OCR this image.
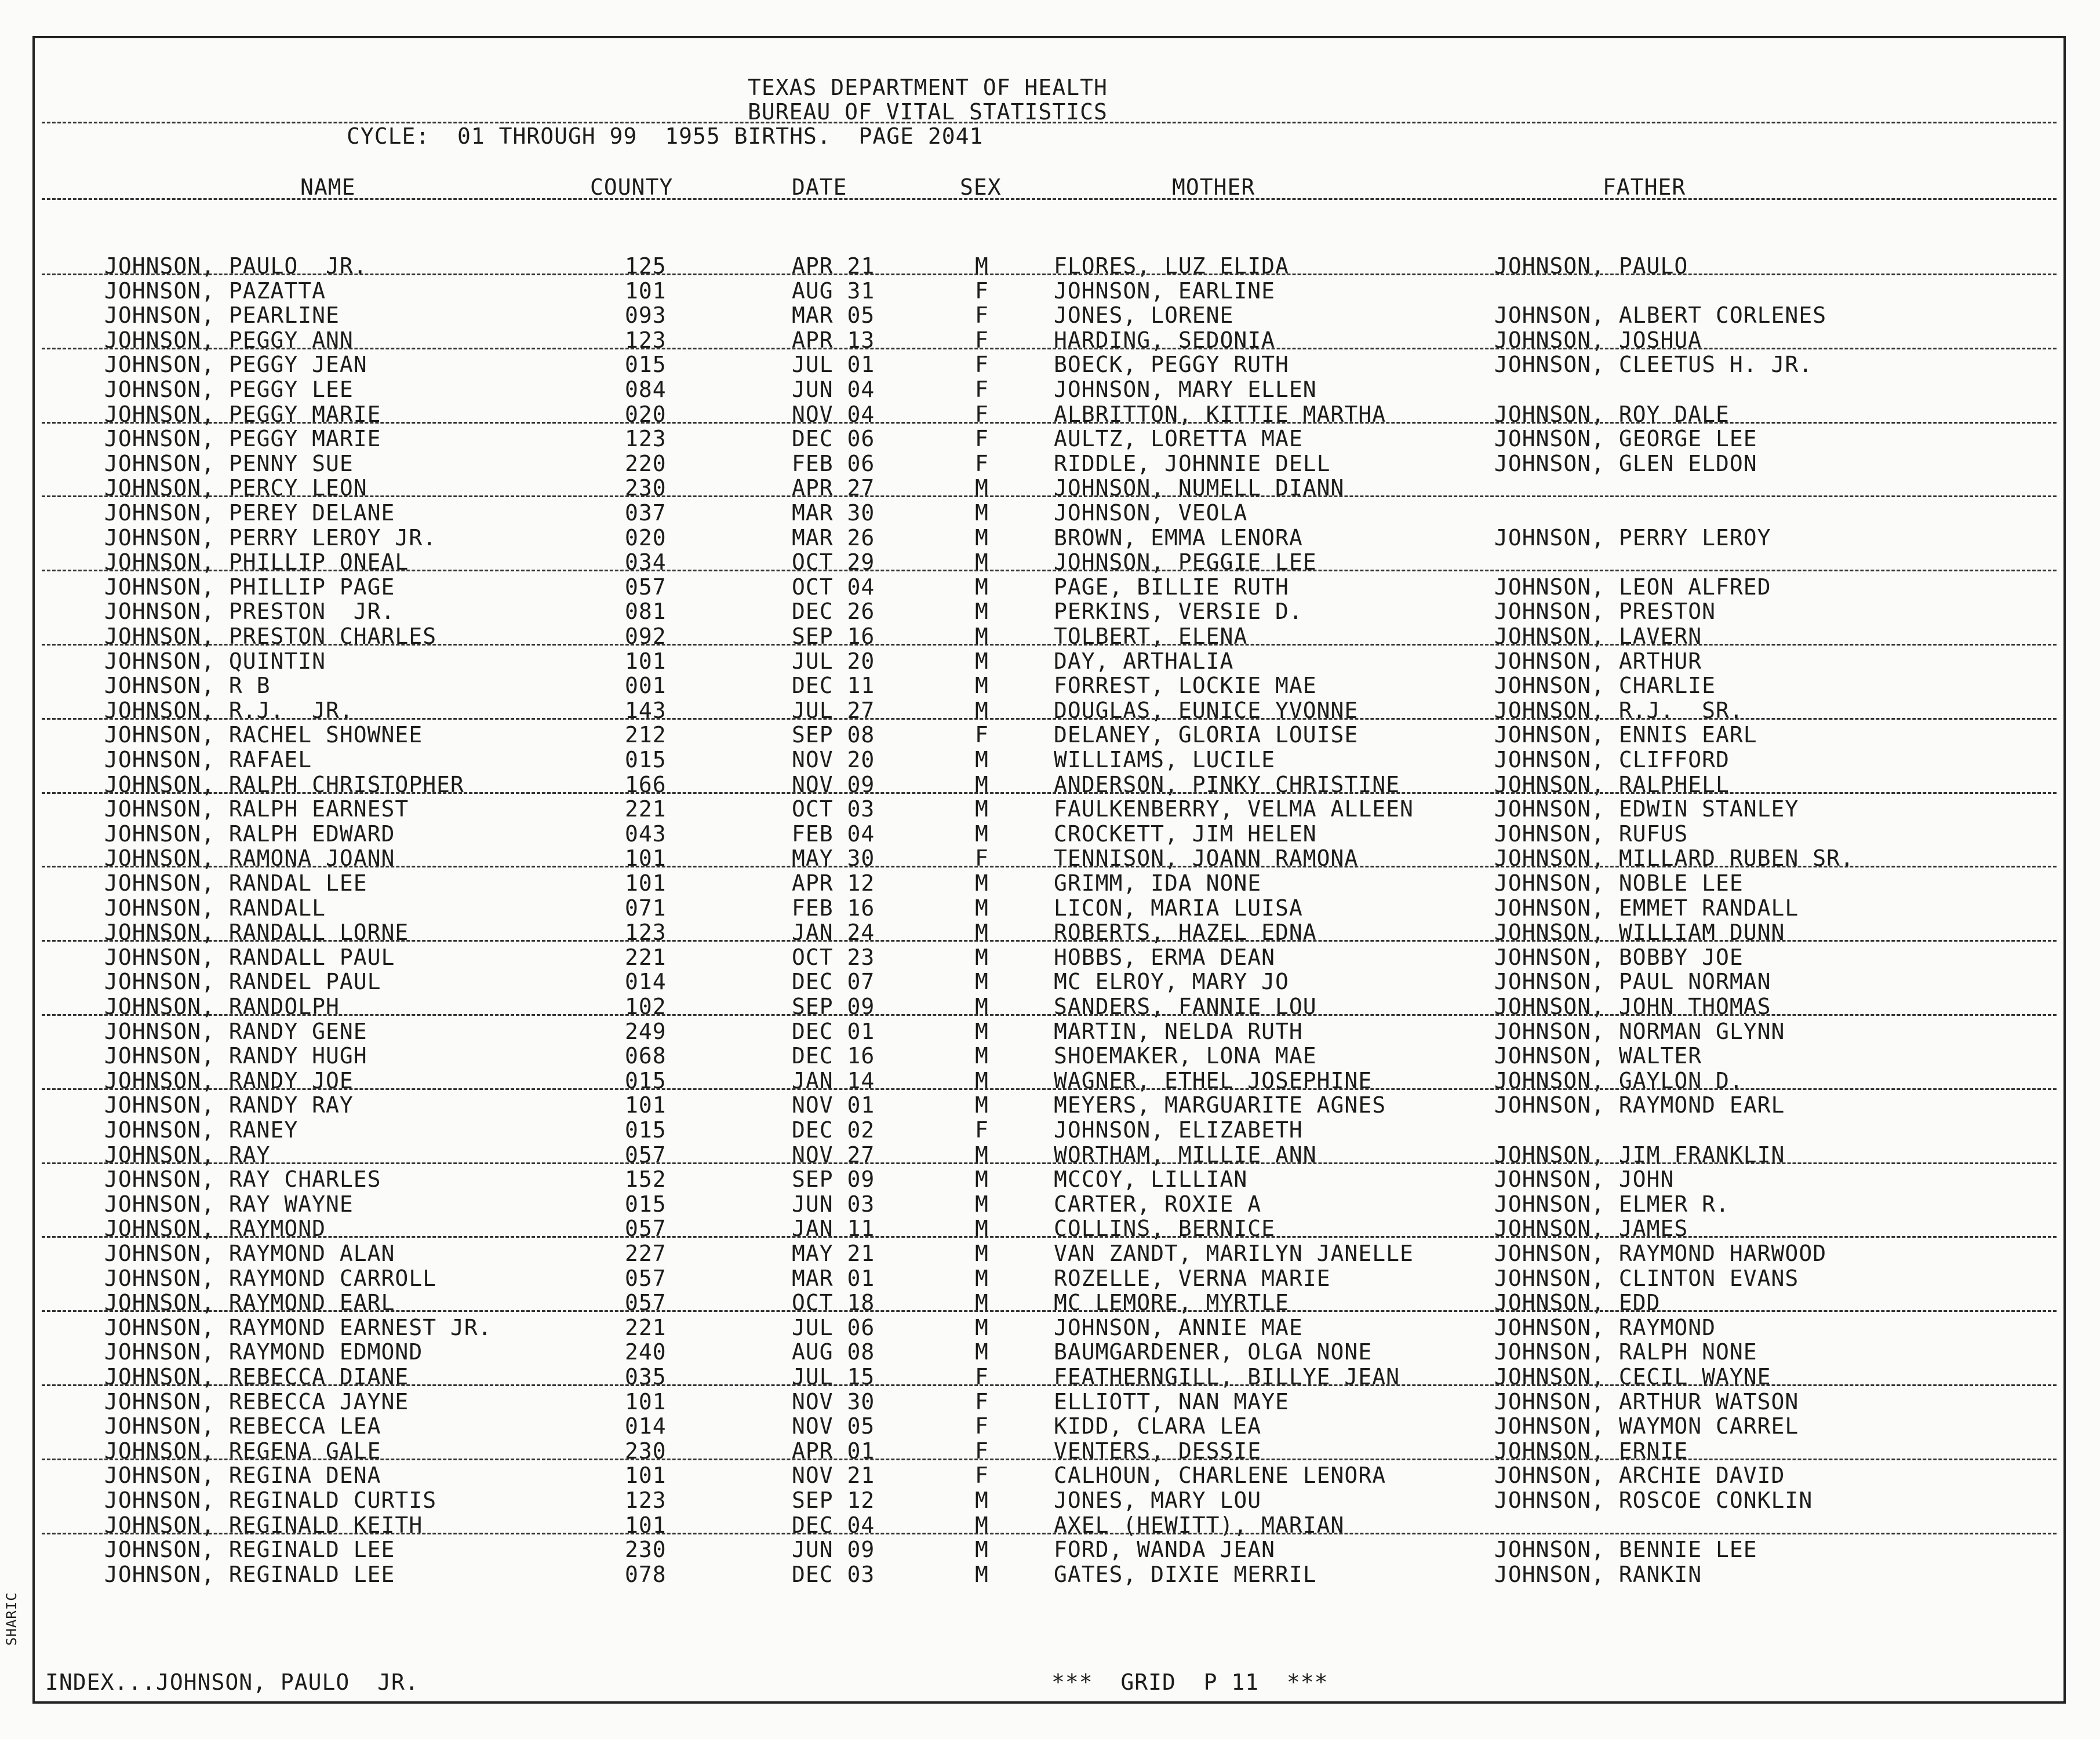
TEXAS DEPARTMENT OF HEALTH
BUREAU OF VITAL STATISTICS
CYCLE:  01 THROUGH 99  1955 BIRTHS.  PAGE 2041
NAME	COUNTY	DATE	SEX	MOTHER	FATHER
JOHNSON, PAULO  JR.	125	APR 21	M	FLORES, LUZ ELIDA	JOHNSON, PAULO
JOHNSON, PAZATTA	101	AUG 31	F	JOHNSON, EARLINE
JOHNSON, PEARLINE	093	MAR 05	F	JONES, LORENE	JOHNSON, ALBERT CORLENES
JOHNSON, PEGGY ANN	123	APR 13	F	HARDING, SEDONIA	JOHNSON, JOSHUA
JOHNSON, PEGGY JEAN	015	JUL 01	F	BOECK, PEGGY RUTH	JOHNSON, CLEETUS H. JR.
JOHNSON, PEGGY LEE	084	JUN 04	F	JOHNSON, MARY ELLEN
JOHNSON, PEGGY MARIE	020	NOV 04	F	ALBRITTON, KITTIE MARTHA	JOHNSON, ROY DALE
JOHNSON, PEGGY MARIE	123	DEC 06	F	AULTZ, LORETTA MAE	JOHNSON, GEORGE LEE
JOHNSON, PENNY SUE	220	FEB 06	F	RIDDLE, JOHNNIE DELL	JOHNSON, GLEN ELDON
JOHNSON, PERCY LEON	230	APR 27	M	JOHNSON, NUMELL DIANN
JOHNSON, PEREY DELANE	037	MAR 30	M	JOHNSON, VEOLA
JOHNSON, PERRY LEROY JR.	020	MAR 26	M	BROWN, EMMA LENORA	JOHNSON, PERRY LEROY
JOHNSON, PHILLIP ONEAL	034	OCT 29	M	JOHNSON, PEGGIE LEE
JOHNSON, PHILLIP PAGE	057	OCT 04	M	PAGE, BILLIE RUTH	JOHNSON, LEON ALFRED
JOHNSON, PRESTON  JR.	081	DEC 26	M	PERKINS, VERSIE D.	JOHNSON, PRESTON
JOHNSON, PRESTON CHARLES	092	SEP 16	M	TOLBERT, ELENA	JOHNSON, LAVERN
JOHNSON, QUINTIN	101	JUL 20	M	DAY, ARTHALIA	JOHNSON, ARTHUR
JOHNSON, R B	001	DEC 11	M	FORREST, LOCKIE MAE	JOHNSON, CHARLIE
JOHNSON, R.J.  JR.	143	JUL 27	M	DOUGLAS, EUNICE YVONNE	JOHNSON, R.J.  SR.
JOHNSON, RACHEL SHOWNEE	212	SEP 08	F	DELANEY, GLORIA LOUISE	JOHNSON, ENNIS EARL
JOHNSON, RAFAEL	015	NOV 20	M	WILLIAMS, LUCILE	JOHNSON, CLIFFORD
JOHNSON, RALPH CHRISTOPHER	166	NOV 09	M	ANDERSON, PINKY CHRISTINE	JOHNSON, RALPHELL
JOHNSON, RALPH EARNEST	221	OCT 03	M	FAULKENBERRY, VELMA ALLEEN	JOHNSON, EDWIN STANLEY
JOHNSON, RALPH EDWARD	043	FEB 04	M	CROCKETT, JIM HELEN	JOHNSON, RUFUS
JOHNSON, RAMONA JOANN	101	MAY 30	F	TENNISON, JOANN RAMONA	JOHNSON, MILLARD RUBEN SR.
JOHNSON, RANDAL LEE	101	APR 12	M	GRIMM, IDA NONE	JOHNSON, NOBLE LEE
JOHNSON, RANDALL	071	FEB 16	M	LICON, MARIA LUISA	JOHNSON, EMMET RANDALL
JOHNSON, RANDALL LORNE	123	JAN 24	M	ROBERTS, HAZEL EDNA	JOHNSON, WILLIAM DUNN
JOHNSON, RANDALL PAUL	221	OCT 23	M	HOBBS, ERMA DEAN	JOHNSON, BOBBY JOE
JOHNSON, RANDEL PAUL	014	DEC 07	M	MC ELROY, MARY JO	JOHNSON, PAUL NORMAN
JOHNSON, RANDOLPH	102	SEP 09	M	SANDERS, FANNIE LOU	JOHNSON, JOHN THOMAS
JOHNSON, RANDY GENE	249	DEC 01	M	MARTIN, NELDA RUTH	JOHNSON, NORMAN GLYNN
JOHNSON, RANDY HUGH	068	DEC 16	M	SHOEMAKER, LONA MAE	JOHNSON, WALTER
JOHNSON, RANDY JOE	015	JAN 14	M	WAGNER, ETHEL JOSEPHINE	JOHNSON, GAYLON D.
JOHNSON, RANDY RAY	101	NOV 01	M	MEYERS, MARGUARITE AGNES	JOHNSON, RAYMOND EARL
JOHNSON, RANEY	015	DEC 02	F	JOHNSON, ELIZABETH
JOHNSON, RAY	057	NOV 27	M	WORTHAM, MILLIE ANN	JOHNSON, JIM FRANKLIN
JOHNSON, RAY CHARLES	152	SEP 09	M	MCCOY, LILLIAN	JOHNSON, JOHN
JOHNSON, RAY WAYNE	015	JUN 03	M	CARTER, ROXIE A	JOHNSON, ELMER R.
JOHNSON, RAYMOND	057	JAN 11	M	COLLINS, BERNICE	JOHNSON, JAMES
JOHNSON, RAYMOND ALAN	227	MAY 21	M	VAN ZANDT, MARILYN JANELLE	JOHNSON, RAYMOND HARWOOD
JOHNSON, RAYMOND CARROLL	057	MAR 01	M	ROZELLE, VERNA MARIE	JOHNSON, CLINTON EVANS
JOHNSON, RAYMOND EARL	057	OCT 18	M	MC LEMORE, MYRTLE	JOHNSON, EDD
JOHNSON, RAYMOND EARNEST JR.	221	JUL 06	M	JOHNSON, ANNIE MAE	JOHNSON, RAYMOND
JOHNSON, RAYMOND EDMOND	240	AUG 08	M	BAUMGARDENER, OLGA NONE	JOHNSON, RALPH NONE
JOHNSON, REBECCA DIANE	035	JUL 15	F	FEATHERNGILL, BILLYE JEAN	JOHNSON, CECIL WAYNE
JOHNSON, REBECCA JAYNE	101	NOV 30	F	ELLIOTT, NAN MAYE	JOHNSON, ARTHUR WATSON
JOHNSON, REBECCA LEA	014	NOV 05	F	KIDD, CLARA LEA	JOHNSON, WAYMON CARREL
JOHNSON, REGENA GALE	230	APR 01	F	VENTERS, DESSIE	JOHNSON, ERNIE
JOHNSON, REGINA DENA	101	NOV 21	F	CALHOUN, CHARLENE LENORA	JOHNSON, ARCHIE DAVID
JOHNSON, REGINALD CURTIS	123	SEP 12	M	JONES, MARY LOU	JOHNSON, ROSCOE CONKLIN
JOHNSON, REGINALD KEITH	101	DEC 04	M	AXEL (HEWITT), MARIAN
JOHNSON, REGINALD LEE	230	JUN 09	M	FORD, WANDA JEAN	JOHNSON, BENNIE LEE
JOHNSON, REGINALD LEE	078	DEC 03	M	GATES, DIXIE MERRIL	JOHNSON, RANKIN
INDEX...JOHNSON, PAULO  JR.	***  GRID  P 11  ***
SHARIC
